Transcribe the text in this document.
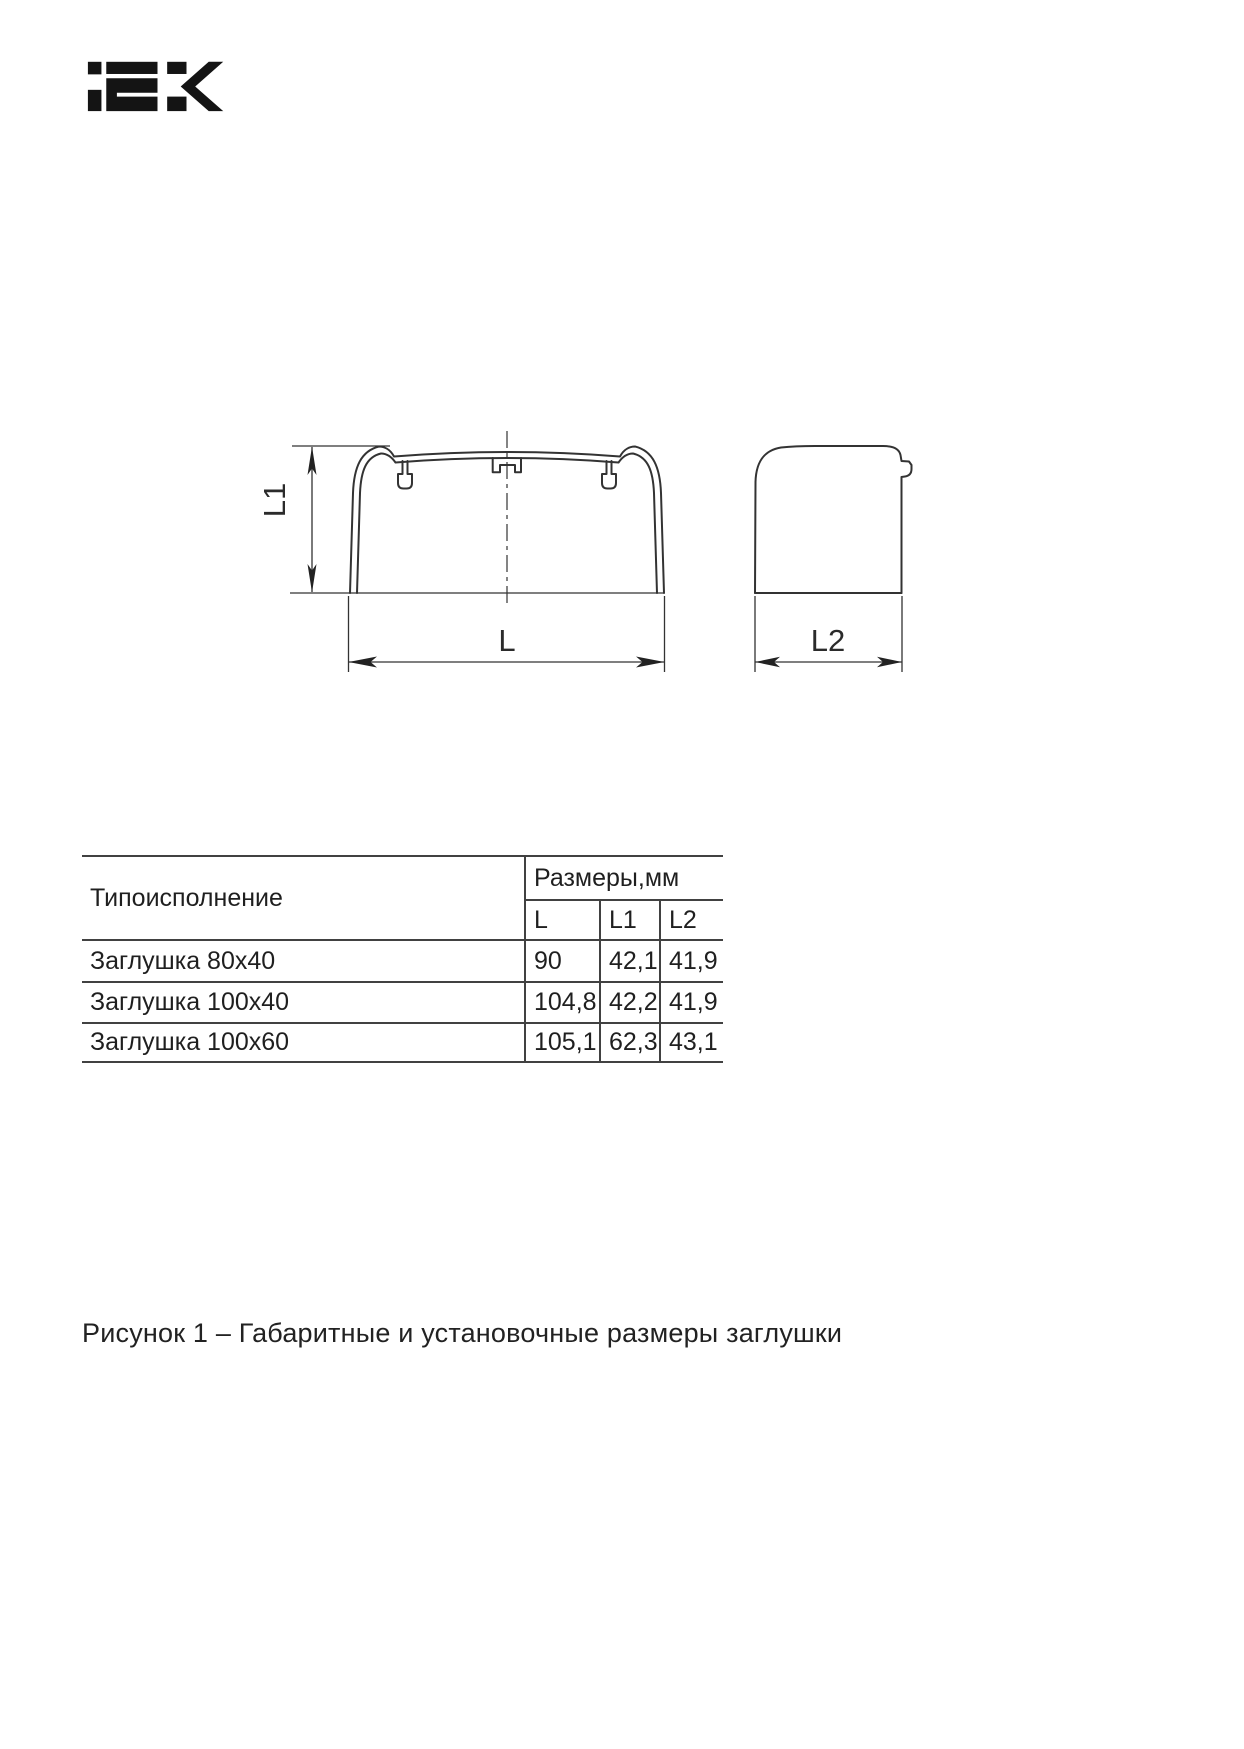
L1
L	L2
Типоисполнение	Размеры,мм		
	L	L1	L2
Заглушка 80х40	90	42,1	41,9
Заглушка 100х40	104,8	42,2	41,9
Заглушка 100х60	105,1	62,3	43,1
Рисунок 1 – Габаритные и установочные размеры заглушки
